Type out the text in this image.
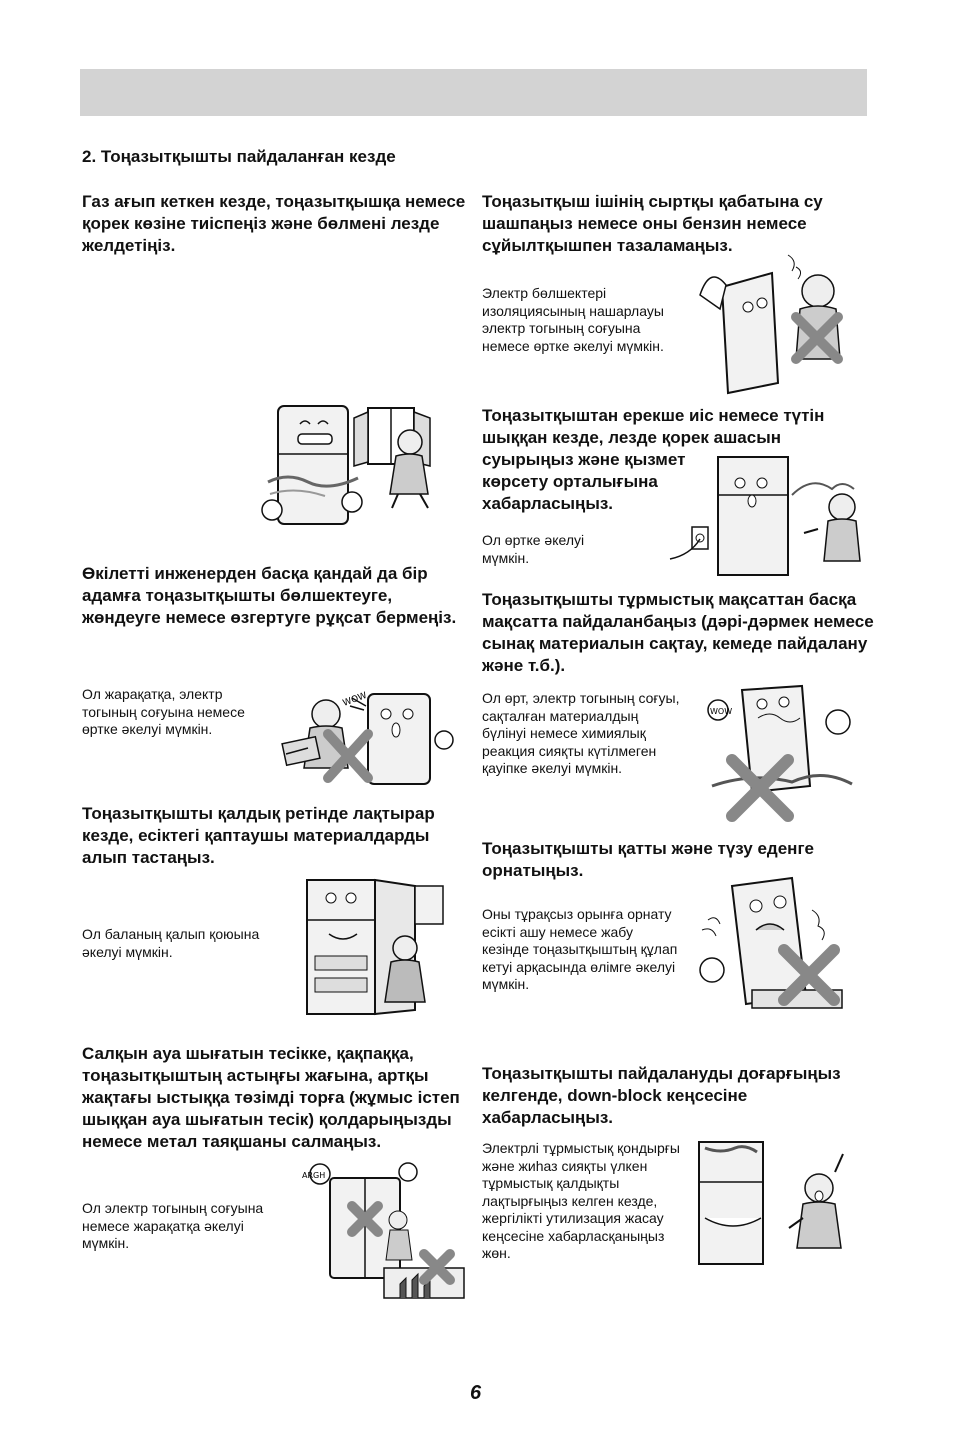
2. Тоңазытқышты пайдаланған кезде
Газ ағып кеткен кезде, тоңазытқышқа немесе қорек көзіне тиіспеңіз және бөлмені лезде желдетіңіз.
Өкілетті инженерден басқа қандай да бір адамға тоңазытқышты бөлшектеуге, жөндеуге немесе өзгертуге рұқсат бермеңіз.
Ол жарақатқа, электр тогының соғуына немесе өртке әкелуі мүмкін.
WOW
Тоңазытқышты қалдық ретінде лақтырар кезде, есіктегі қаптаушы материалдарды алып тастаңыз.
Ол баланың қалып қоюына әкелуі мүмкін.
Салқын ауа шығатын тесікке, қақпаққа, тоңазытқыштың астыңғы жағына, артқы жақтағы ыстыққа төзімді торға (жұмыс істеп шыққан ауа шығатын тесік) қолдарыңызды немесе метал таяқшаны салмаңыз.
Ол электр тогының соғуына немесе жарақатқа әкелуі мүмкін.
ARGH
Тоңазытқыш ішінің сыртқы қабатына су шашпаңыз немесе оны бензин немесе сұйылтқышпен тазаламаңыз.
Электр бөлшектері изоляциясының нашарлауы электр тогының соғуына немесе өртке әкелуі мүмкін.
Тоңазытқыштан ерекше иіс немесе түтін
шыққан кезде, лезде қорек ашасын
суырыңыз және қызмет көрсету орталығына хабарласыңыз.
Ол өртке әкелуі мүмкін.
Тоңазытқышты тұрмыстық мақсаттан басқа мақсатта пайдаланбаңыз (дәрі-дәрмек немесе сынақ материалын сақтау, кемеде пайдалану және т.б.).
Ол өрт, электр тогының соғуы, сақталған материалдың бүлінуі немесе химиялық реакция сияқты күтілмеген қауіпке әкелуі мүмкін.
WOW
Тоңазытқышты қатты және түзу еденге орнатыңыз.
Оны тұрақсыз орынға орнату есікті ашу немесе жабу кезінде тоңазытқыштың құлап кетуі арқасында өлімге әкелуі мүмкін.
Тоңазытқышты пайдалануды доғарғыңыз келгенде, down-block кеңсесіне хабарласыңыз.
Электрлі тұрмыстық қондырғы және жиһаз сияқты үлкен тұрмыстық қалдықты лақтырғыңыз келген кезде, жергілікті утилизация жасау кеңсесіне хабарласқаныңыз жөн.
6
